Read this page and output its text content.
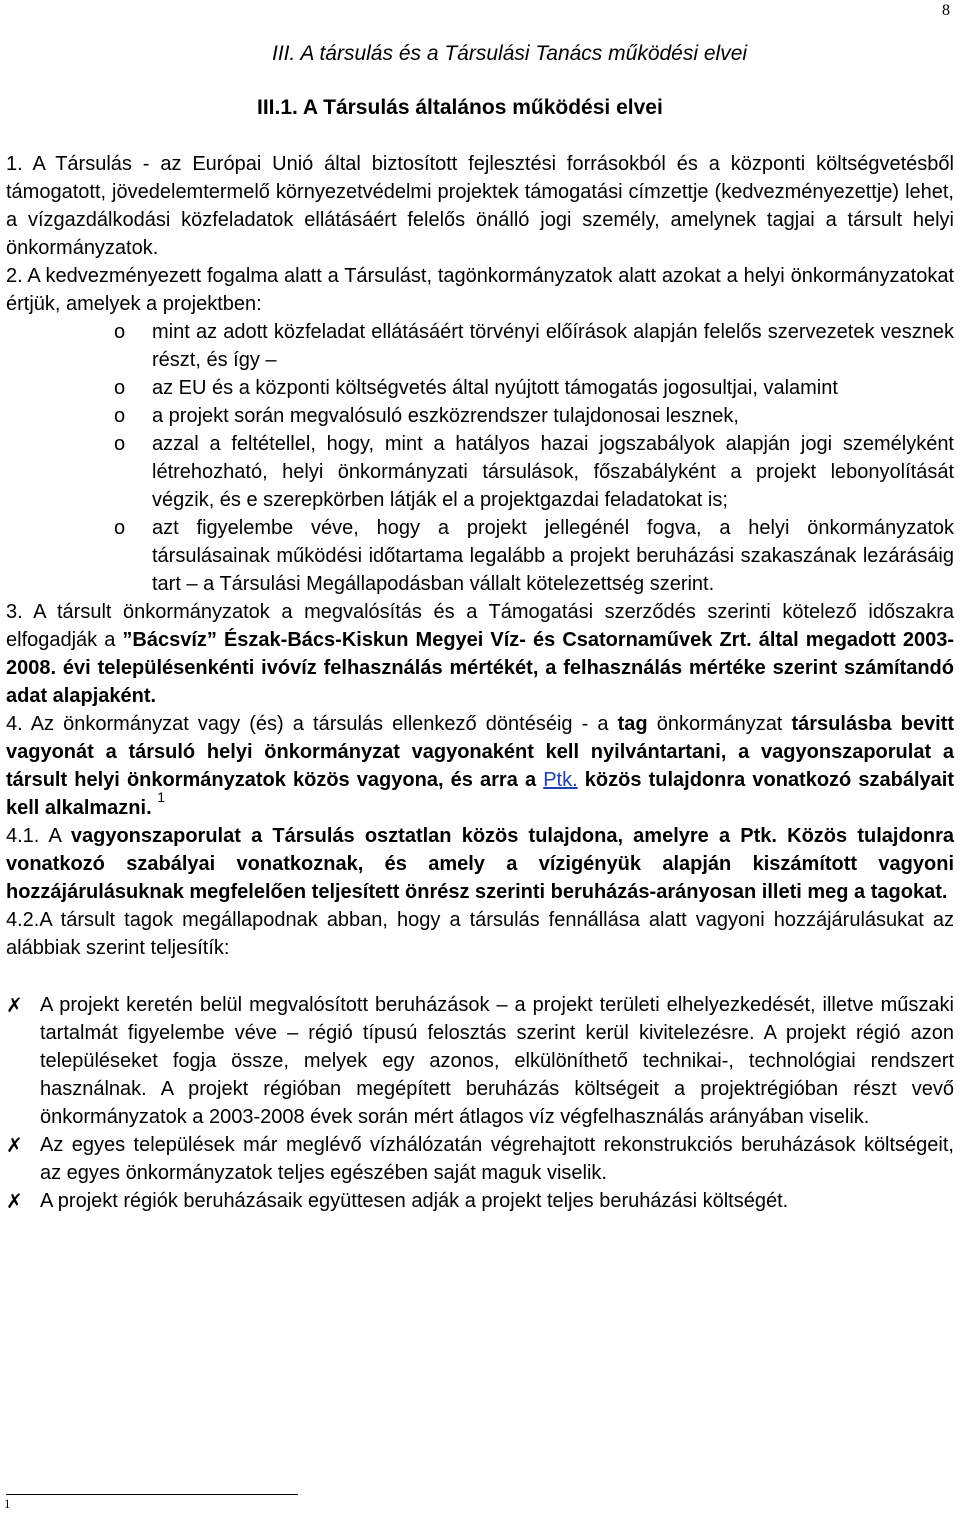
8
III. A társulás és a Társulási Tanács működési elvei
III.1. A Társulás általános működési elvei

1. A Társulás - az Európai Unió által biztosított fejlesztési forrásokból és a központi költségvetésből támogatott, jövedelemtermelő környezetvédelmi projektek támogatási címzettje (kedvezményezettje) lehet, a vízgazdálkodási közfeladatok ellátásáért felelős önálló jogi személy, amelynek tagjai a társult helyi önkormányzatok.

2. A kedvezményezett fogalma alatt a Társulást, tagönkormányzatok alatt azokat a helyi önkormányzatokat értjük, amelyek a projektben:

o mint az adott közfeladat ellátásáért törvényi előírások alapján felelős szervezetek vesznek részt, és így –
o az EU és a központi költségvetés által nyújtott támogatás jogosultjai, valamint
o a projekt során megvalósuló eszközrendszer tulajdonosai lesznek,
o azzal a feltétellel, hogy, mint a hatályos hazai jogszabályok alapján jogi személyként létrehozható, helyi önkormányzati társulások, főszabályként a projekt lebonyolítását végzik, és e szerepkörben látják el a projektgazdai feladatokat is;
o azt figyelembe véve, hogy a projekt jellegénél fogva, a helyi önkormányzatok társulásainak működési időtartama legalább a projekt beruházási szakaszának lezárásáig tart – a Társulási Megállapodásban vállalt kötelezettség szerint.

3. A társult önkormányzatok a megvalósítás és a Támogatási szerződés szerinti kötelező időszakra elfogadják a ”Bácsvíz” Észak-Bács-Kiskun Megyei Víz- és Csatornaművek Zrt. által megadott 2003-2008. évi településenkénti ivóvíz felhasználás mértékét, a felhasználás mértéke szerint számítandó adat alapjaként.

4. Az önkormányzat vagy (és) a társulás ellenkező döntéséig - a tag önkormányzat társulásba bevitt vagyonát a társuló helyi önkormányzat vagyonaként kell nyilvántartani, a vagyonszaporulat a társult helyi önkormányzatok közös vagyona, és arra a Ptk. közös tulajdonra vonatkozó szabályait kell alkalmazni. $^1$

4.1. A vagyonszaporulat a Társulás osztatlan közös tulajdona, amelyre a Ptk. Közös tulajdonra vonatkozó szabályai vonatkoznak, és amely a vízigényük alapján kiszámított vagyoni hozzájárulásuknak megfelelően teljesített önrész szerinti beruházás-arányosan illeti meg a tagokat.

4.2.A társult tagok megállapodnak abban, hogy a társulás fennállása alatt vagyoni hozzájárulásukat az alábbiak szerint teljesítík:

✗ A projekt keretén belül megvalósított beruházások – a projekt területi elhelyezkedését, illetve műszaki tartalmát figyelembe véve – régió típusú felosztás szerint kerül kivitelezésre. A projekt régió azon településeket fogja össze, melyek egy azonos, elkülöníthető technikai-, technológiai rendszert használnak. A projekt régióban megépített beruházás költségeit a projektrégióban részt vevő önkormányzatok a 2003-2008 évek során mért átlagos víz végfelhasználás arányában viselik.
✗ Az egyes települések már meglévő vízhálózatán végrehajtott rekonstrukciós beruházások költségeit, az egyes önkormányzatok teljes egészében saját maguk viselik.
✗ A projekt régiók beruházásaik együttesen adják a projekt teljes beruházási költségét.
1
